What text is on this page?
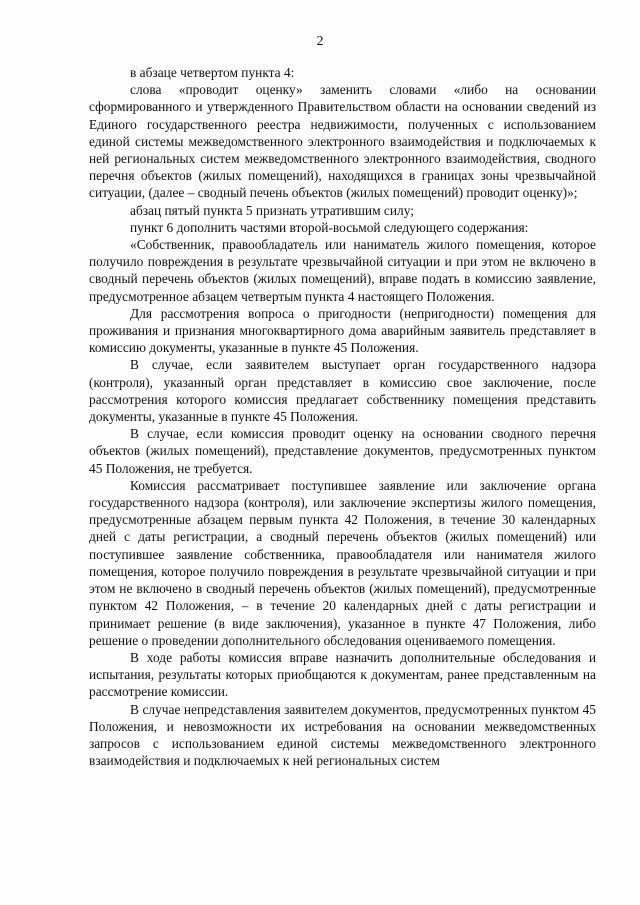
2

в абзаце четвертом пункта 4:

слова «проводит оценку» заменить словами «либо на основании сформированного и утвержденного Правительством области на основании сведений из Единого государственного реестра недвижимости, полученных с использованием единой системы межведомственного электронного взаимодействия и подключаемых к ней региональных систем межведомственного электронного взаимодействия, сводного перечня объектов (жилых помещений), находящихся в границах зоны чрезвычайной ситуации, (далее – сводный печень объектов (жилых помещений) проводит оценку)»;

абзац пятый пункта 5 признать утратившим силу;

пункт 6 дополнить частями второй-восьмой следующего содержания:

«Собственник, правообладатель или наниматель жилого помещения, которое получило повреждения в результате чрезвычайной ситуации и при этом не включено в сводный перечень объектов (жилых помещений), вправе подать в комиссию заявление, предусмотренное абзацем четвертым пункта 4 настоящего Положения.

Для рассмотрения вопроса о пригодности (непригодности) помещения для проживания и признания многоквартирного дома аварийным заявитель представляет в комиссию документы, указанные в пункте 45 Положения.

В случае, если заявителем выступает орган государственного надзора (контроля), указанный орган представляет в комиссию свое заключение, после рассмотрения которого комиссия предлагает собственнику помещения представить документы, указанные в пункте 45 Положения.

В случае, если комиссия проводит оценку на основании сводного перечня объектов (жилых помещений), представление документов, предусмотренных пунктом 45 Положения, не требуется.

Комиссия рассматривает поступившее заявление или заключение органа государственного надзора (контроля), или заключение экспертизы жилого помещения, предусмотренные абзацем первым пункта 42 Положения, в течение 30 календарных дней с даты регистрации, а сводный перечень объектов (жилых помещений) или поступившее заявление собственника, правообладателя или нанимателя жилого помещения, которое получило повреждения в результате чрезвычайной ситуации и при этом не включено в сводный перечень объектов (жилых помещений), предусмотренные пунктом 42 Положения, – в течение 20 календарных дней с даты регистрации и принимает решение (в виде заключения), указанное в пункте 47 Положения, либо решение о проведении дополнительного обследования оцениваемого помещения.

В ходе работы комиссия вправе назначить дополнительные обследования и испытания, результаты которых приобщаются к документам, ранее представленным на рассмотрение комиссии.

В случае непредставления заявителем документов, предусмотренных пунктом 45 Положения, и невозможности их истребования на основании межведомственных запросов с использованием единой системы межведомственного электронного взаимодействия и подключаемых к ней региональных систем
